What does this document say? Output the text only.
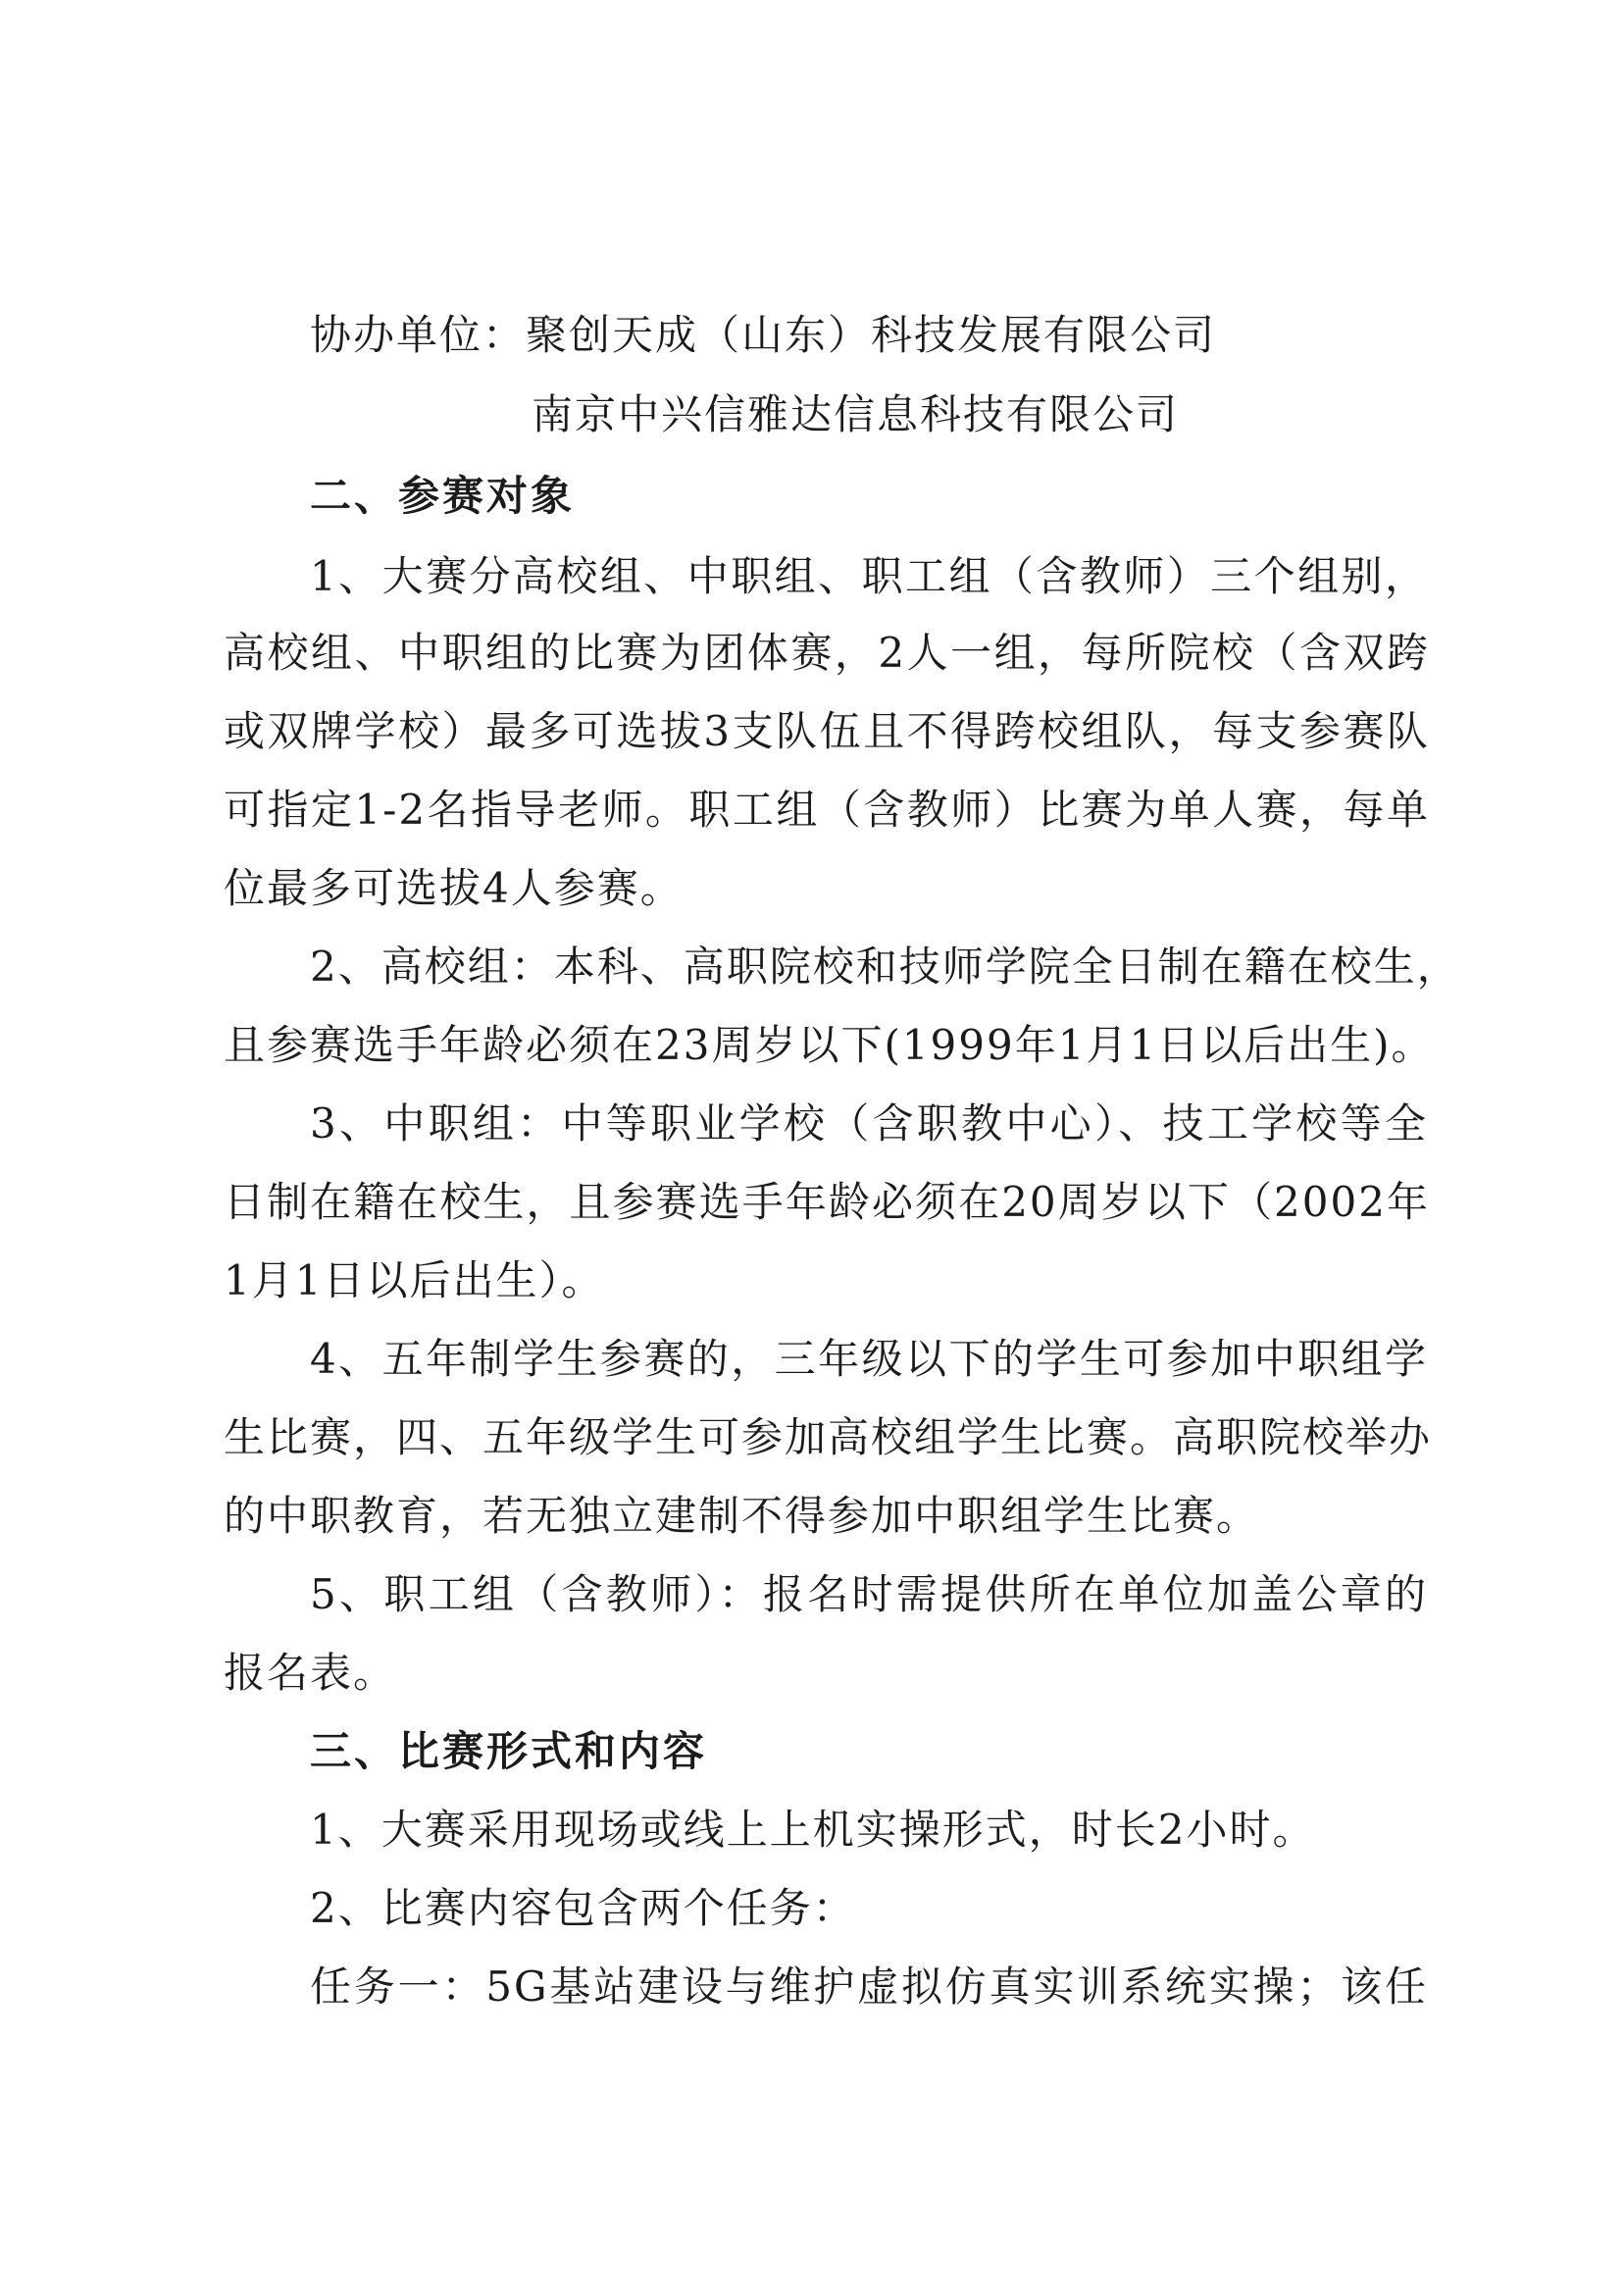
协办单位：聚创天成（山东）科技发展有限公司
南京中兴信雅达信息科技有限公司
二、参赛对象
1、大赛分高校组、中职组、职工组（含教师）三个组别，
高校组、中职组的比赛为团体赛，2人一组，每所院校（含双跨
或双牌学校）最多可选拔3支队伍且不得跨校组队，每支参赛队
可指定1-2名指导老师。职工组（含教师）比赛为单人赛，每单
位最多可选拔4人参赛。
2、高校组：本科、高职院校和技师学院全日制在籍在校生，
且参赛选手年龄必须在23周岁以下(1999年1月1日以后出生)。
3、中职组：中等职业学校（含职教中心）、技工学校等全
日制在籍在校生，且参赛选手年龄必须在20周岁以下（2002年
1月1日以后出生）。
4、五年制学生参赛的，三年级以下的学生可参加中职组学
生比赛，四、五年级学生可参加高校组学生比赛。高职院校举办
的中职教育，若无独立建制不得参加中职组学生比赛。
5、职工组（含教师）：报名时需提供所在单位加盖公章的
报名表。
三、比赛形式和内容
1、大赛采用现场或线上上机实操形式，时长2小时。
2、比赛内容包含两个任务：
任务一：5G基站建设与维护虚拟仿真实训系统实操；该任
